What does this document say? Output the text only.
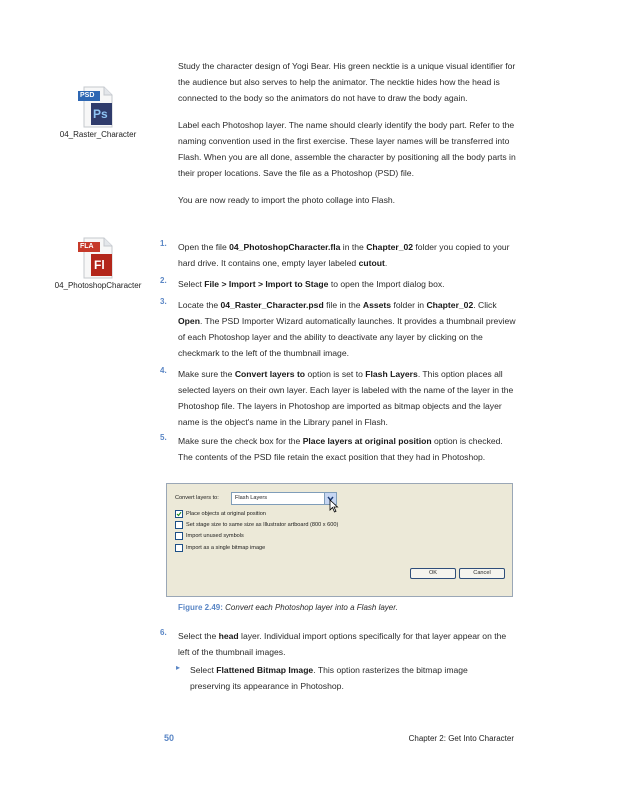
PSD
Ps
04_Raster_Character
FLA
Fl
04_PhotoshopCharacter

Study the character design of Yogi Bear. His green necktie is a unique visual identifier for the audience but also serves to help the animator. The necktie hides how the head is connected to the body so the animators do not have to draw the body again.

Label each Photoshop layer. The name should clearly identify the body part. Refer to the naming convention used in the first exercise. These layer names will be transferred into Flash. When you are all done, assemble the character by positioning all the body parts in their proper locations. Save the file as a Photoshop (PSD) file.

You are now ready to import the photo collage into Flash.

1. Open the file 04_PhotoshopCharacter.fla in the Chapter_02 folder you copied to your hard drive. It contains one, empty layer labeled cutout.

2. Select File > Import > Import to Stage to open the Import dialog box.

3. Locate the 04_Raster_Character.psd file in the Assets folder in Chapter_02. Click Open. The PSD Importer Wizard automatically launches. It provides a thumbnail preview of each Photoshop layer and the ability to deactivate any layer by clicking on the checkmark to the left of the thumbnail image.

4. Make sure the Convert layers to option is set to Flash Layers. This option places all selected layers on their own layer. Each layer is labeled with the name of the layer in the Photoshop file. The layers in Photoshop are imported as bitmap objects and the layer name is the object's name in the Library panel in Flash.

5. Make sure the check box for the Place layers at original position option is checked. The contents of the PSD file retain the exact position that they had in Photoshop.

Convert layers to:	Flash Layers
Place objects at original position
Set stage size to same size as Illustrator artboard (800 x 600)
Import unused symbols
Import as a single bitmap image
OK	Cancel
Figure 2.49: Convert each Photoshop layer into a Flash layer.
6. Select the head layer. Individual import options specifically for that layer appear on the left of the thumbnail images.

▸ Select Flattened Bitmap Image. This option rasterizes the bitmap image preserving its appearance in Photoshop.

50	Chapter 2: Get Into Character
